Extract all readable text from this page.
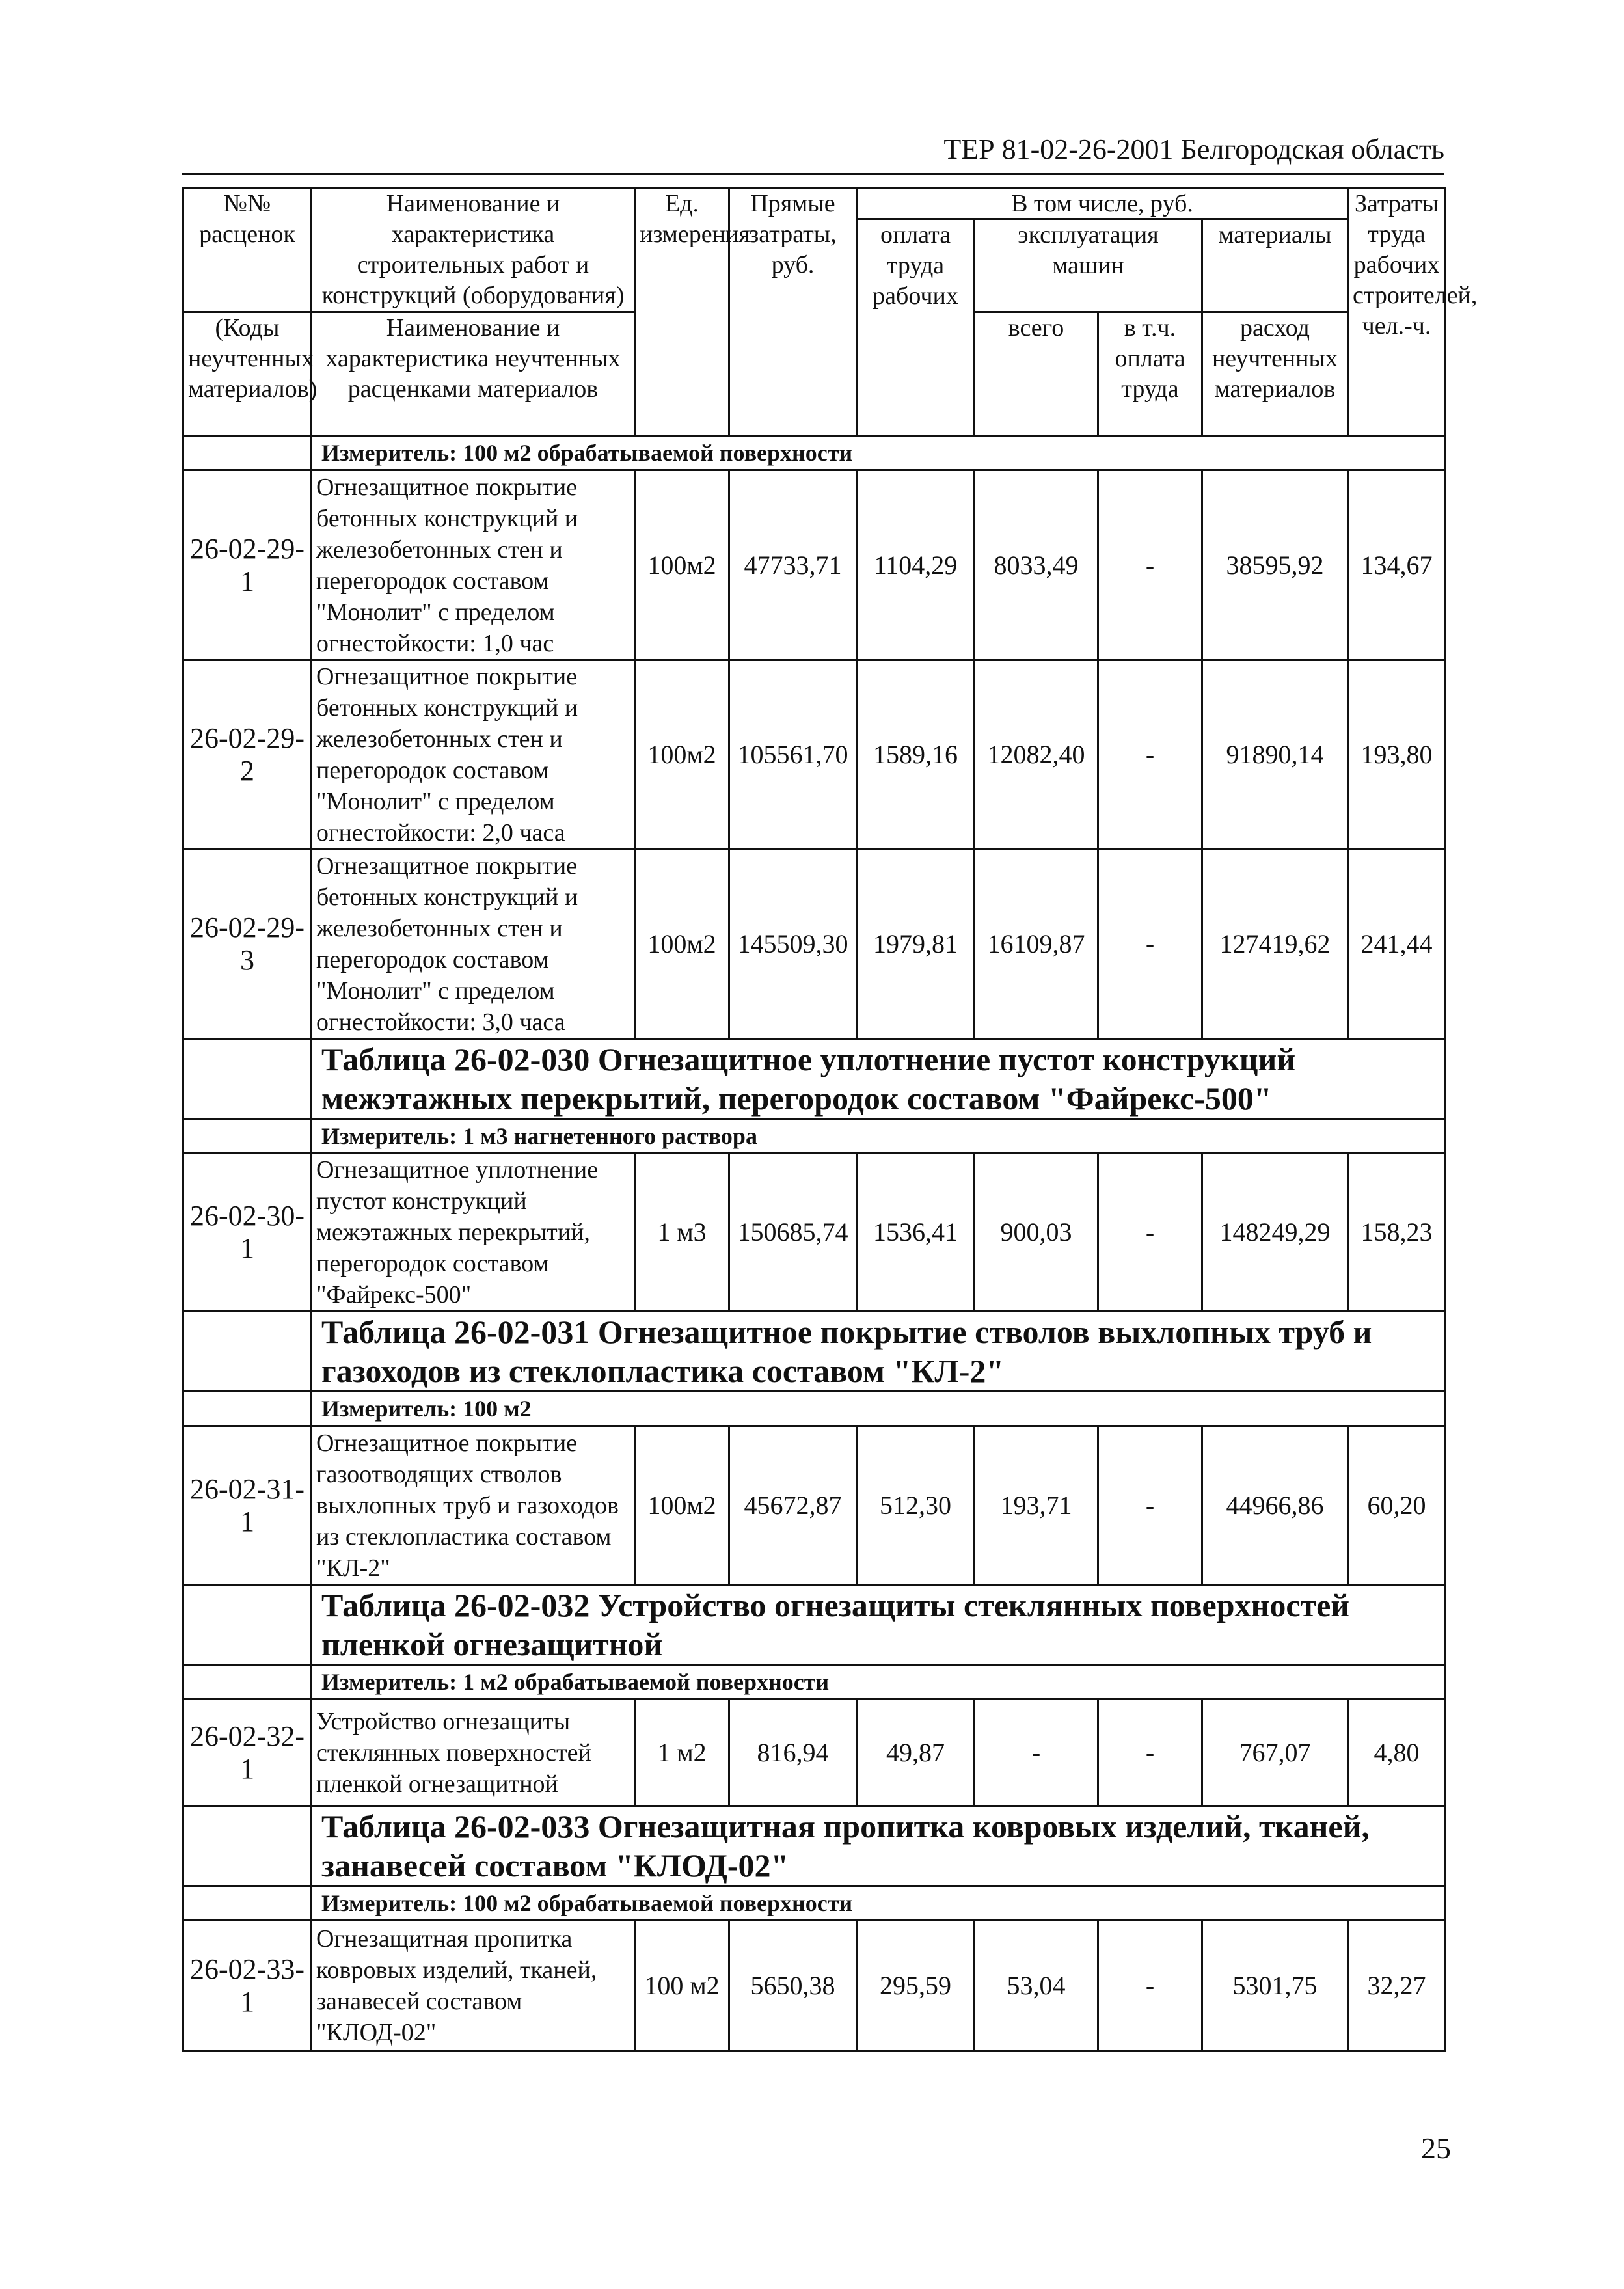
ТЕР 81-02-26-2001 Белгородская область
№№ расценок	Наименование и характеристика строительных работ и конструкций (оборудования)	Ед. измерения	Прямые затраты, руб.	В том числе, руб.				Затраты труда рабочих строителей, чел.-ч.
				оплата труда рабочих	эксплуатация машин		материалы	
(Коды неучтенных материалов)	Наименование и характеристика неучтенных расценками материалов				всего	в т.ч. оплата труда	расход неучтенных материалов	
	Измеритель: 100 м2 обрабатываемой поверхности							
26-02-29-1	Огнезащитное покрытие бетонных конструкций и железобетонных стен и перегородок составом "Монолит" с пределом огнестойкости: 1,0 час	100м2	47733,71	1104,29	8033,49	-	38595,92	134,67
26-02-29-2	Огнезащитное покрытие бетонных конструкций и железобетонных стен и перегородок составом "Монолит" с пределом огнестойкости: 2,0 часа	100м2	105561,70	1589,16	12082,40	-	91890,14	193,80
26-02-29-3	Огнезащитное покрытие бетонных конструкций и железобетонных стен и перегородок составом "Монолит" с пределом огнестойкости: 3,0 часа	100м2	145509,30	1979,81	16109,87	-	127419,62	241,44
	Таблица 26-02-030 Огнезащитное уплотнение пустот конструкций межэтажных перекрытий, перегородок составом "Файрекс-500"							
	Измеритель: 1 м3 нагнетенного раствора							
26-02-30-1	Огнезащитное уплотнение пустот конструкций межэтажных перекрытий, перегородок составом "Файрекс-500"	1 м3	150685,74	1536,41	900,03	-	148249,29	158,23
	Таблица 26-02-031 Огнезащитное покрытие стволов выхлопных труб и газоходов из стеклопластика составом "КЛ-2"							
	Измеритель: 100 м2							
26-02-31-1	Огнезащитное покрытие газоотводящих стволов выхлопных труб и газоходов из стеклопластика составом "КЛ-2"	100м2	45672,87	512,30	193,71	-	44966,86	60,20
	Таблица 26-02-032 Устройство огнезащиты стеклянных поверхностей пленкой огнезащитной							
	Измеритель: 1 м2 обрабатываемой поверхности							
26-02-32-1	Устройство огнезащиты стеклянных поверхностей пленкой огнезащитной	1 м2	816,94	49,87	-	-	767,07	4,80
	Таблица 26-02-033 Огнезащитная пропитка ковровых изделий, тканей, занавесей составом "КЛОД-02"							
	Измеритель: 100 м2 обрабатываемой поверхности							
26-02-33-1	Огнезащитная пропитка ковровых изделий, тканей, занавесей составом "КЛОД-02"	100 м2	5650,38	295,59	53,04	-	5301,75	32,27
25
